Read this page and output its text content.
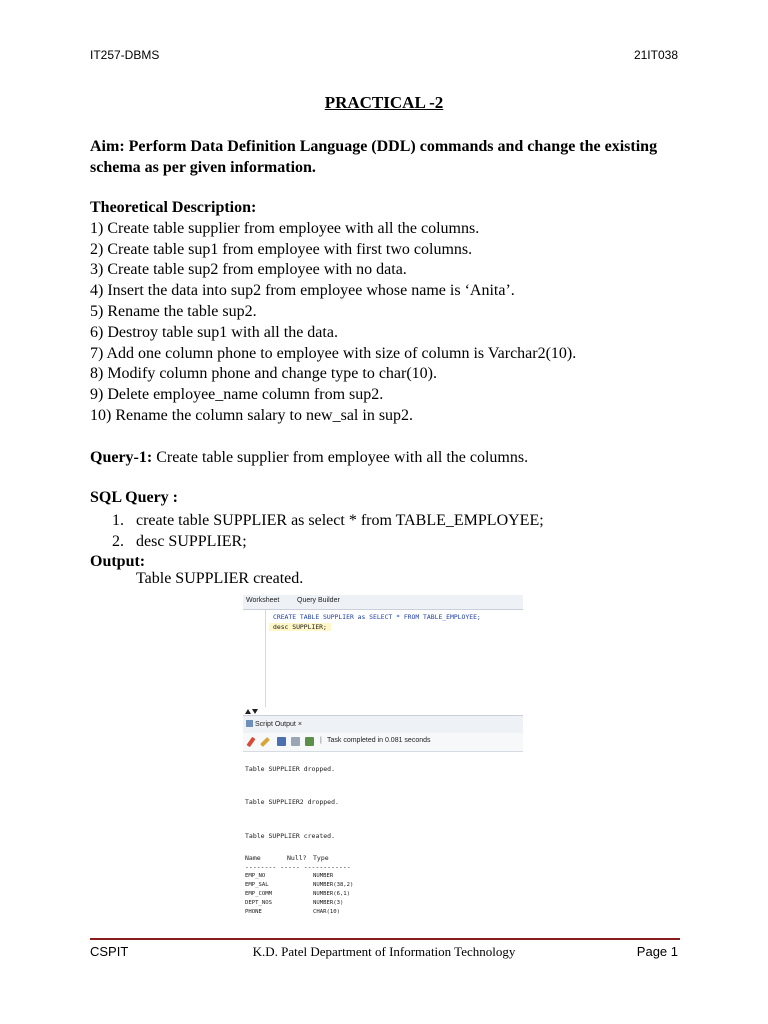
IT257-DBMS	21IT038
PRACTICAL -2
Aim: Perform Data Definition Language (DDL) commands and change the existing schema as per given information.
Theoretical Description:
1) Create table supplier from employee with all the columns.
2) Create table sup1 from employee with first two columns.
3) Create table sup2 from employee with no data.
4) Insert the data into sup2 from employee whose name is ‘Anita’.
5) Rename the table sup2.
6) Destroy table sup1 with all the data.
7) Add one column phone to employee with size of column is Varchar2(10).
8) Modify column phone and change type to char(10).
9) Delete employee_name column from sup2.
10) Rename the column salary to new_sal in sup2.
Query-1: Create table supplier from employee with all the columns.
SQL Query :
1. create table SUPPLIER as select * from TABLE_EMPLOYEE;
2. desc SUPPLIER;
Output:
Table SUPPLIER created.
Worksheet	Query Builder
CREATE TABLE SUPPLIER as SELECT * FROM TABLE_EMPLOYEE;
desc SUPPLIER;
Script Output ×
| Task completed in 0.081 seconds
Table SUPPLIER dropped.
Table SUPPLIER2 dropped.
Table SUPPLIER created.
Name	Null? Type
-------- ----- ------------
EMP_NO	NUMBER
EMP_SAL	NUMBER(38,2)
EMP_COMM	NUMBER(6,1)
DEPT_NOS	NUMBER(3)
PHONE	CHAR(10)
CSPIT	K.D. Patel Department of Information Technology	Page 1
